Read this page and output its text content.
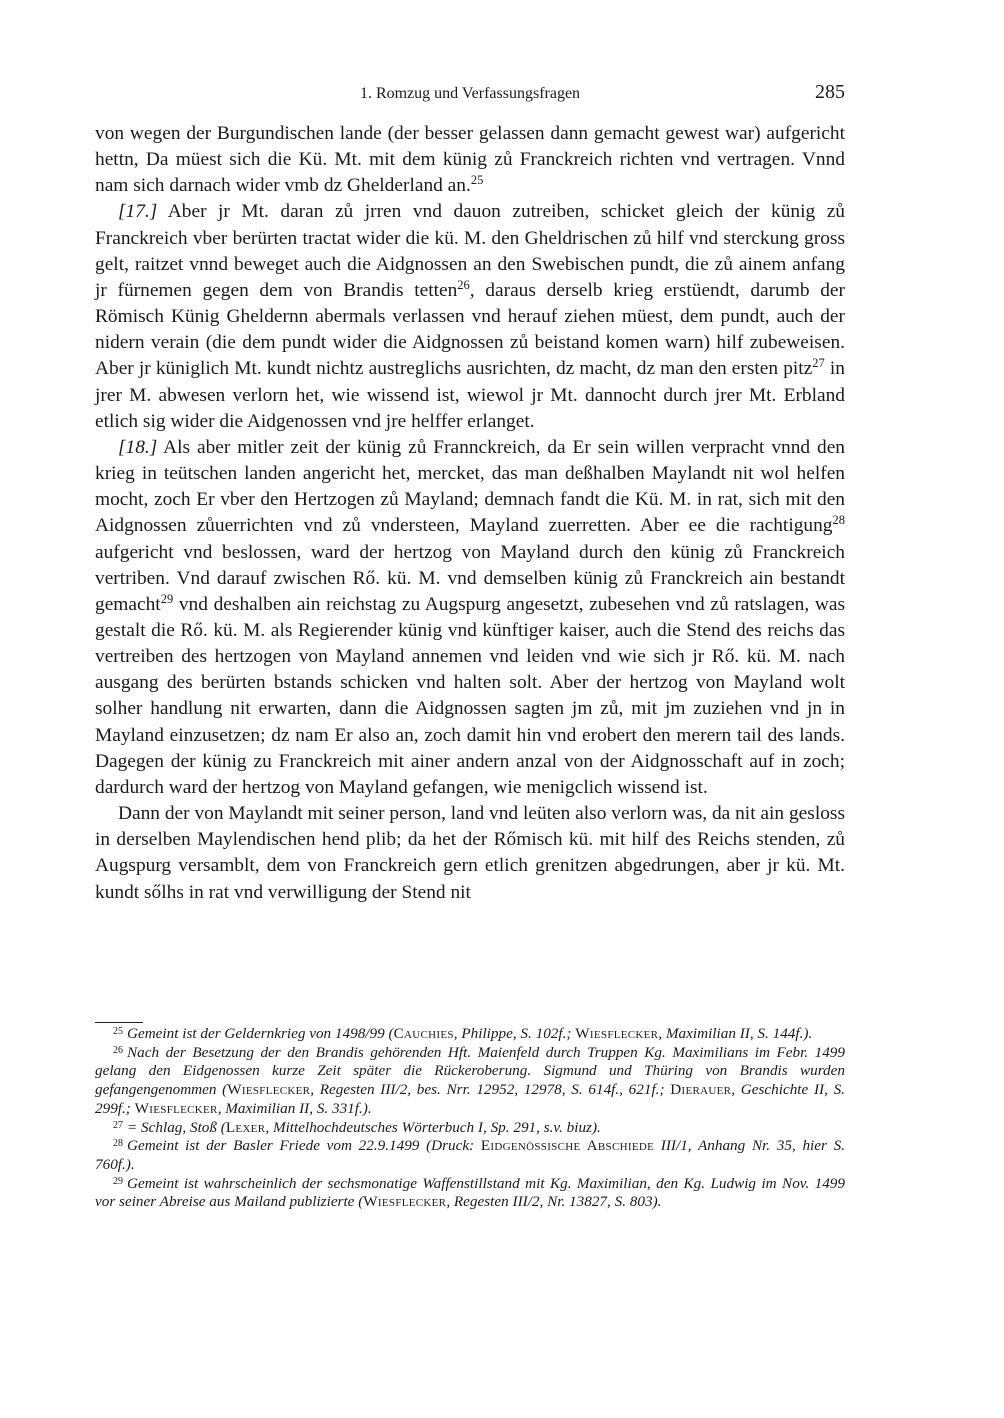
1. Romzug und Verfassungsfragen	285

von wegen der Burgundischen lande (der besser gelassen dann gemacht gewest war) aufgericht hettn, Da müest sich die Kü. Mt. mit dem künig zů Franckreich richten vnd vertragen. Vnnd nam sich darnach wider vmb dz Ghelderland an.$^{25}$

[17.] Aber jr Mt. daran zů jrren vnd dauon zutreiben, schicket gleich der künig zů Franckreich vber berürten tractat wider die kü. M. den Gheldrischen zů hilf vnd sterckung gross gelt, raitzet vnnd beweget auch die Aidgnossen an den Swebischen pundt, die zů ainem anfang jr fürnemen gegen dem von Brandis tetten$^{26}$, daraus derselb krieg erstüendt, darumb der Römisch Künig Gheldernn abermals verlassen vnd herauf ziehen müest, dem pundt, auch der nidern verain (die dem pundt wider die Aidgnossen zů beistand komen warn) hilf zubeweisen. Aber jr küniglich Mt. kundt nichtz austreglichs ausrichten, dz macht, dz man den ersten pitz$^{27}$ in jrer M. abwesen verlorn het, wie wissend ist, wiewol jr Mt. dannocht durch jrer Mt. Erbland etlich sig wider die Aidgenossen vnd jre helffer erlanget.

[18.] Als aber mitler zeit der künig zů Frannckreich, da Er sein willen verpracht vnnd den krieg in teütschen landen angericht het, mercket, das man deßhalben Maylandt nit wol helfen mocht, zoch Er vber den Hertzogen zů Mayland; demnach fandt die Kü. M. in rat, sich mit den Aidgnossen zůuerrichten vnd zů vndersteen, Mayland zuerretten. Aber ee die rachtigung$^{28}$ aufgericht vnd beslossen, ward der hertzog von Mayland durch den künig zů Franckreich vertriben. Vnd darauf zwischen Rő. kü. M. vnd demselben künig zů Franckreich ain bestandt gemacht$^{29}$ vnd deshalben ain reichstag zu Augspurg angesetzt, zubesehen vnd zů ratslagen, was gestalt die Rő. kü. M. als Regierender künig vnd künftiger kaiser, auch die Stend des reichs das vertreiben des hertzogen von Mayland annemen vnd leiden vnd wie sich jr Rő. kü. M. nach ausgang des berürten bstands schicken vnd halten solt. Aber der hertzog von Mayland wolt solher handlung nit erwarten, dann die Aidgnossen sagten jm zů, mit jm zuziehen vnd jn in Mayland einzusetzen; dz nam Er also an, zoch damit hin vnd erobert den merern tail des lands. Dagegen der künig zu Franckreich mit ainer andern anzal von der Aidgnosschaft auf in zoch; dardurch ward der hertzog von Mayland gefangen, wie menigclich wissend ist.

Dann der von Maylandt mit seiner person, land vnd leüten also verlorn was, da nit ain gesloss in derselben Maylendischen hend plib; da het der Rőmisch kü. mit hilf des Reichs stenden, zů Augspurg versamblt, dem von Franckreich gern etlich grenitzen abgedrungen, aber jr kü. Mt. kundt sőlhs in rat vnd verwilligung der Stend nit

$^{25}$ Gemeint ist der Geldernkrieg von 1498/99 (Cauchies, Philippe, S. 102f.; Wiesflecker, Maximilian II, S. 144f.).

$^{26}$ Nach der Besetzung der den Brandis gehörenden Hft. Maienfeld durch Truppen Kg. Maximilians im Febr. 1499 gelang den Eidgenossen kurze Zeit später die Rückeroberung. Sigmund und Thüring von Brandis wurden gefangengenommen (Wiesflecker, Regesten III/2, bes. Nrr. 12952, 12978, S. 614f., 621f.; Dierauer, Geschichte II, S. 299f.; Wiesflecker, Maximilian II, S. 331f.).

$^{27}$ = Schlag, Stoß (Lexer, Mittelhochdeutsches Wörterbuch I, Sp. 291, s.v. biuz).

$^{28}$ Gemeint ist der Basler Friede vom 22.9.1499 (Druck: Eidgenössische Abschiede III/1, Anhang Nr. 35, hier S. 760f.).

$^{29}$ Gemeint ist wahrscheinlich der sechsmonatige Waffenstillstand mit Kg. Maximilian, den Kg. Ludwig im Nov. 1499 vor seiner Abreise aus Mailand publizierte (Wiesflecker, Regesten III/2, Nr. 13827, S. 803).
